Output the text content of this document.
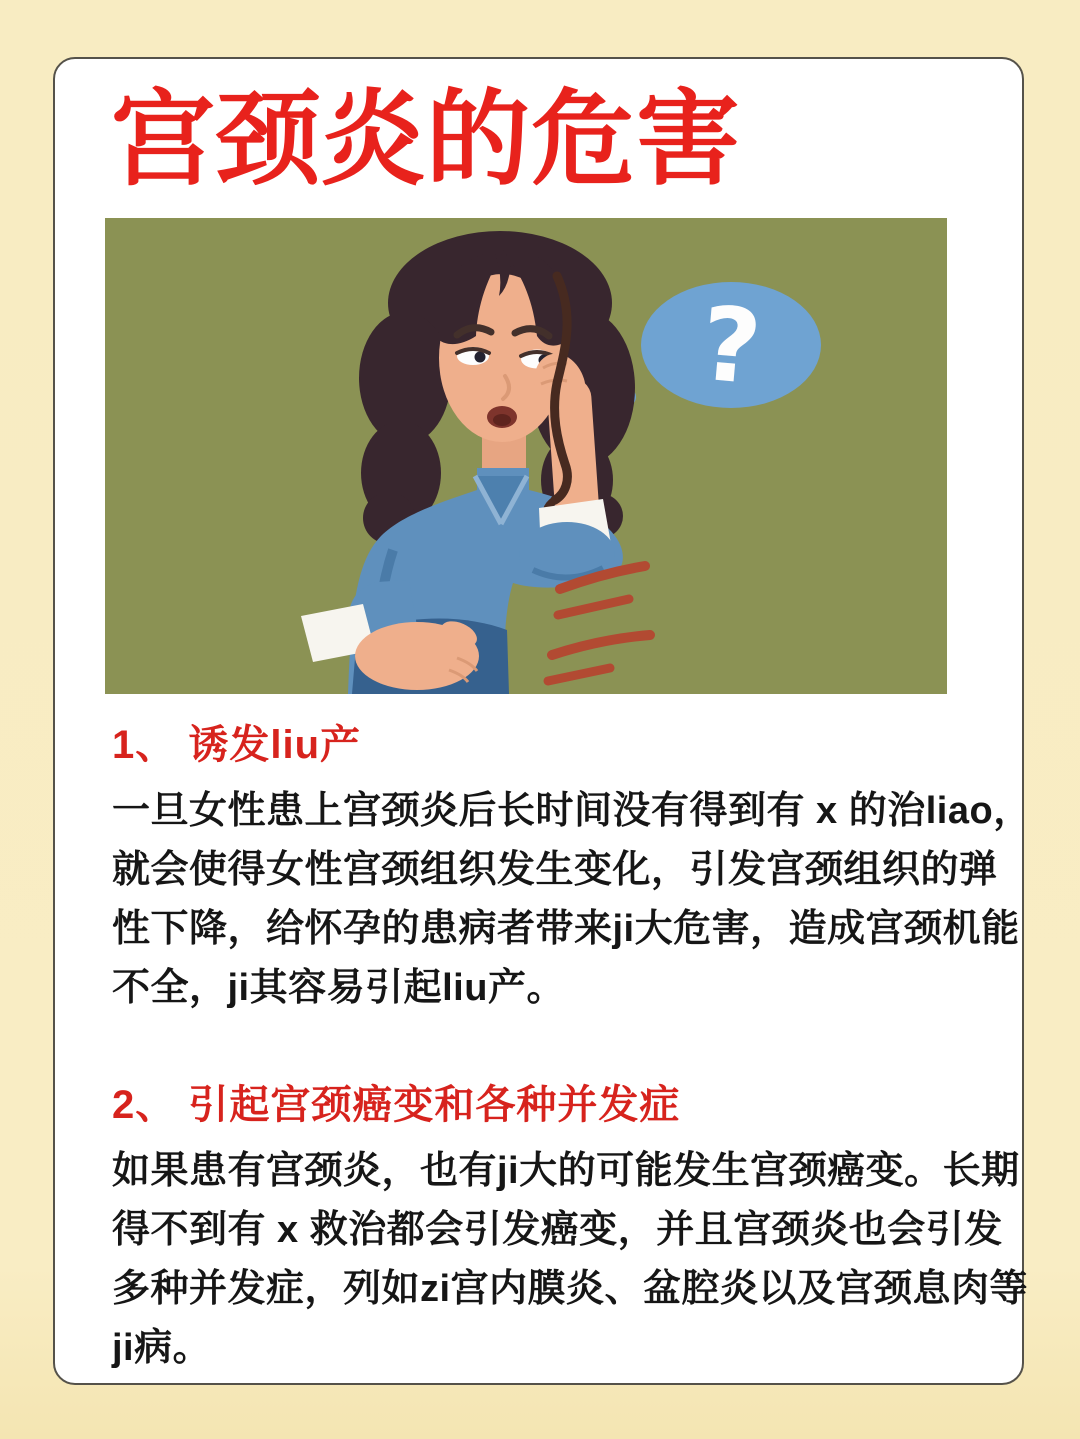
宫颈炎的危害
?
1、 诱发liu产
一旦女性患上宫颈炎后长时间没有得到有 x 的治liao，
就会使得女性宫颈组织发生变化，引发宫颈组织的弹
性下降，给怀孕的患病者带来ji大危害，造成宫颈机能
不全，ji其容易引起liu产。
2、 引起宫颈癌变和各种并发症
如果患有宫颈炎，也有ji大的可能发生宫颈癌变。长期
得不到有 x 救治都会引发癌变，并且宫颈炎也会引发
多种并发症，列如zi宫内膜炎、盆腔炎以及宫颈息肉等
ji病。
